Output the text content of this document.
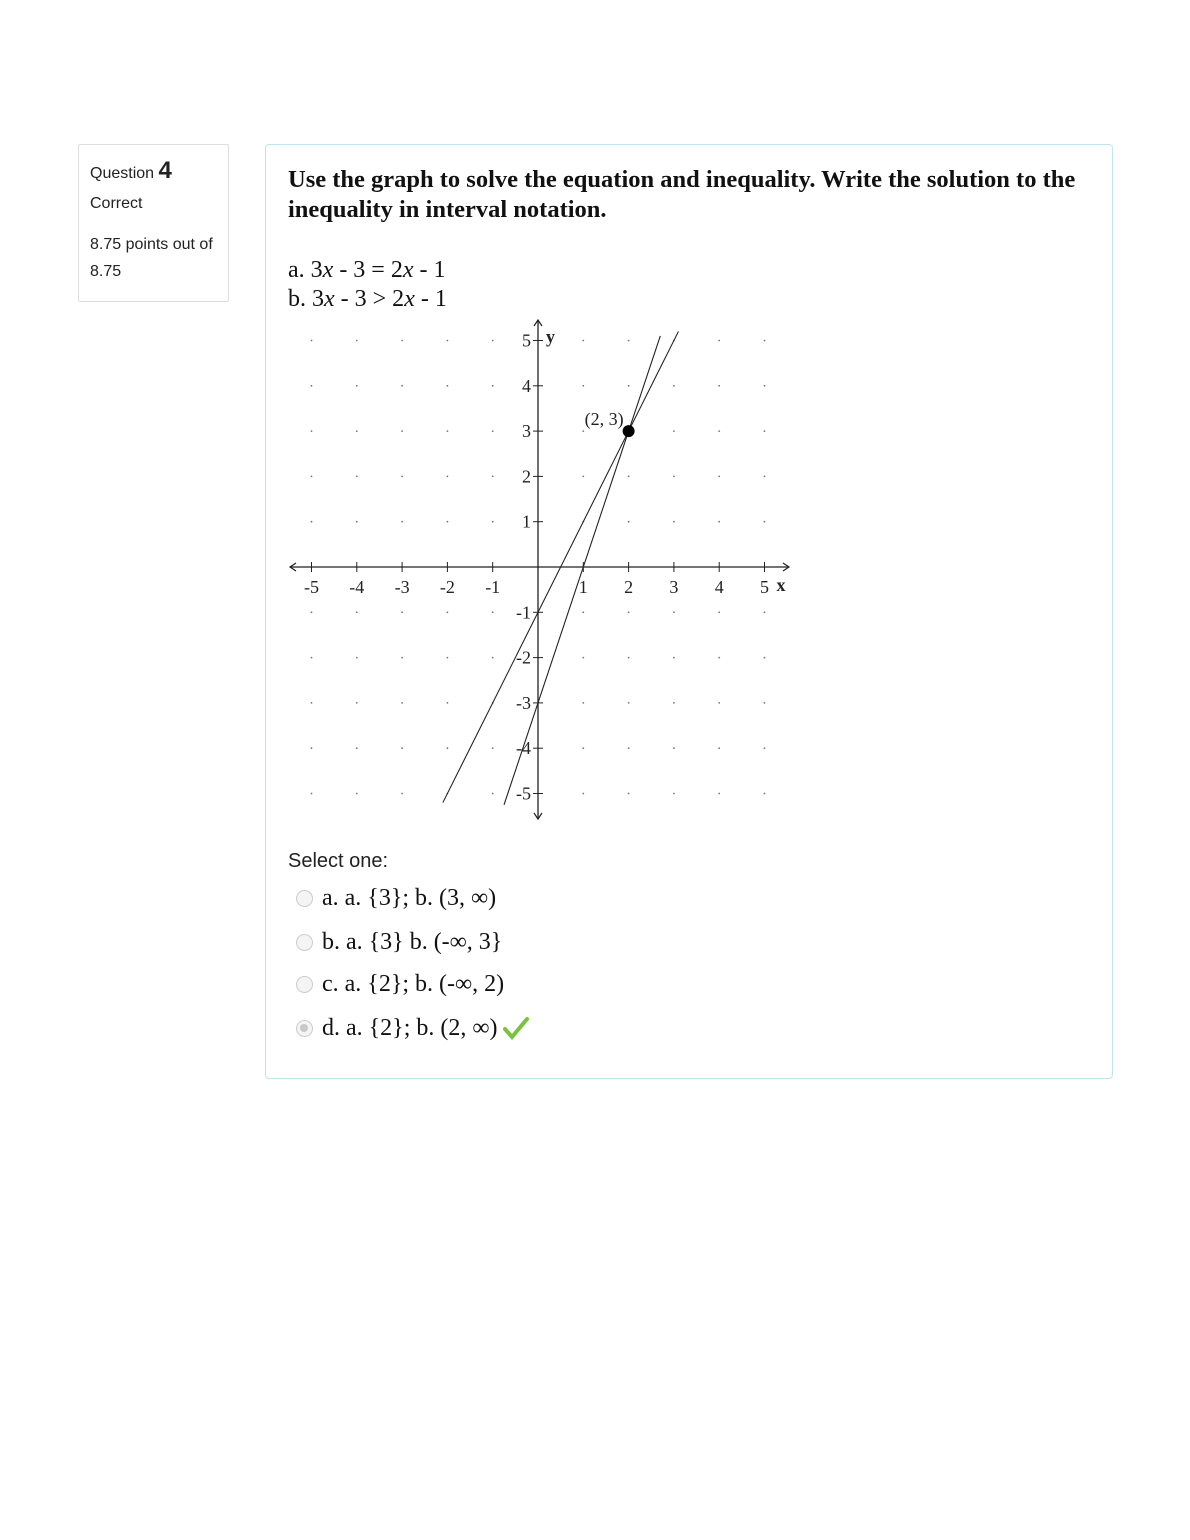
Question 4
Correct
8.75 points out of 8.75
Use the graph to solve the equation and inequality. Write the solution to the inequality in interval notation.
a. 3x - 3 = 2x - 1
b. 3x - 3 > 2x - 1
-5 -4 -3 -2 -1	1 2 3 4 5
5
4
3
2
1
-1
-2
-3
-4
-5
x
y
(2, 3)
Select one:
a. a. {3}; b. (3, ∞)
b. a. {3} b. (-∞, 3}
c. a. {2}; b. (-∞, 2)
d. a. {2}; b. (2, ∞)
